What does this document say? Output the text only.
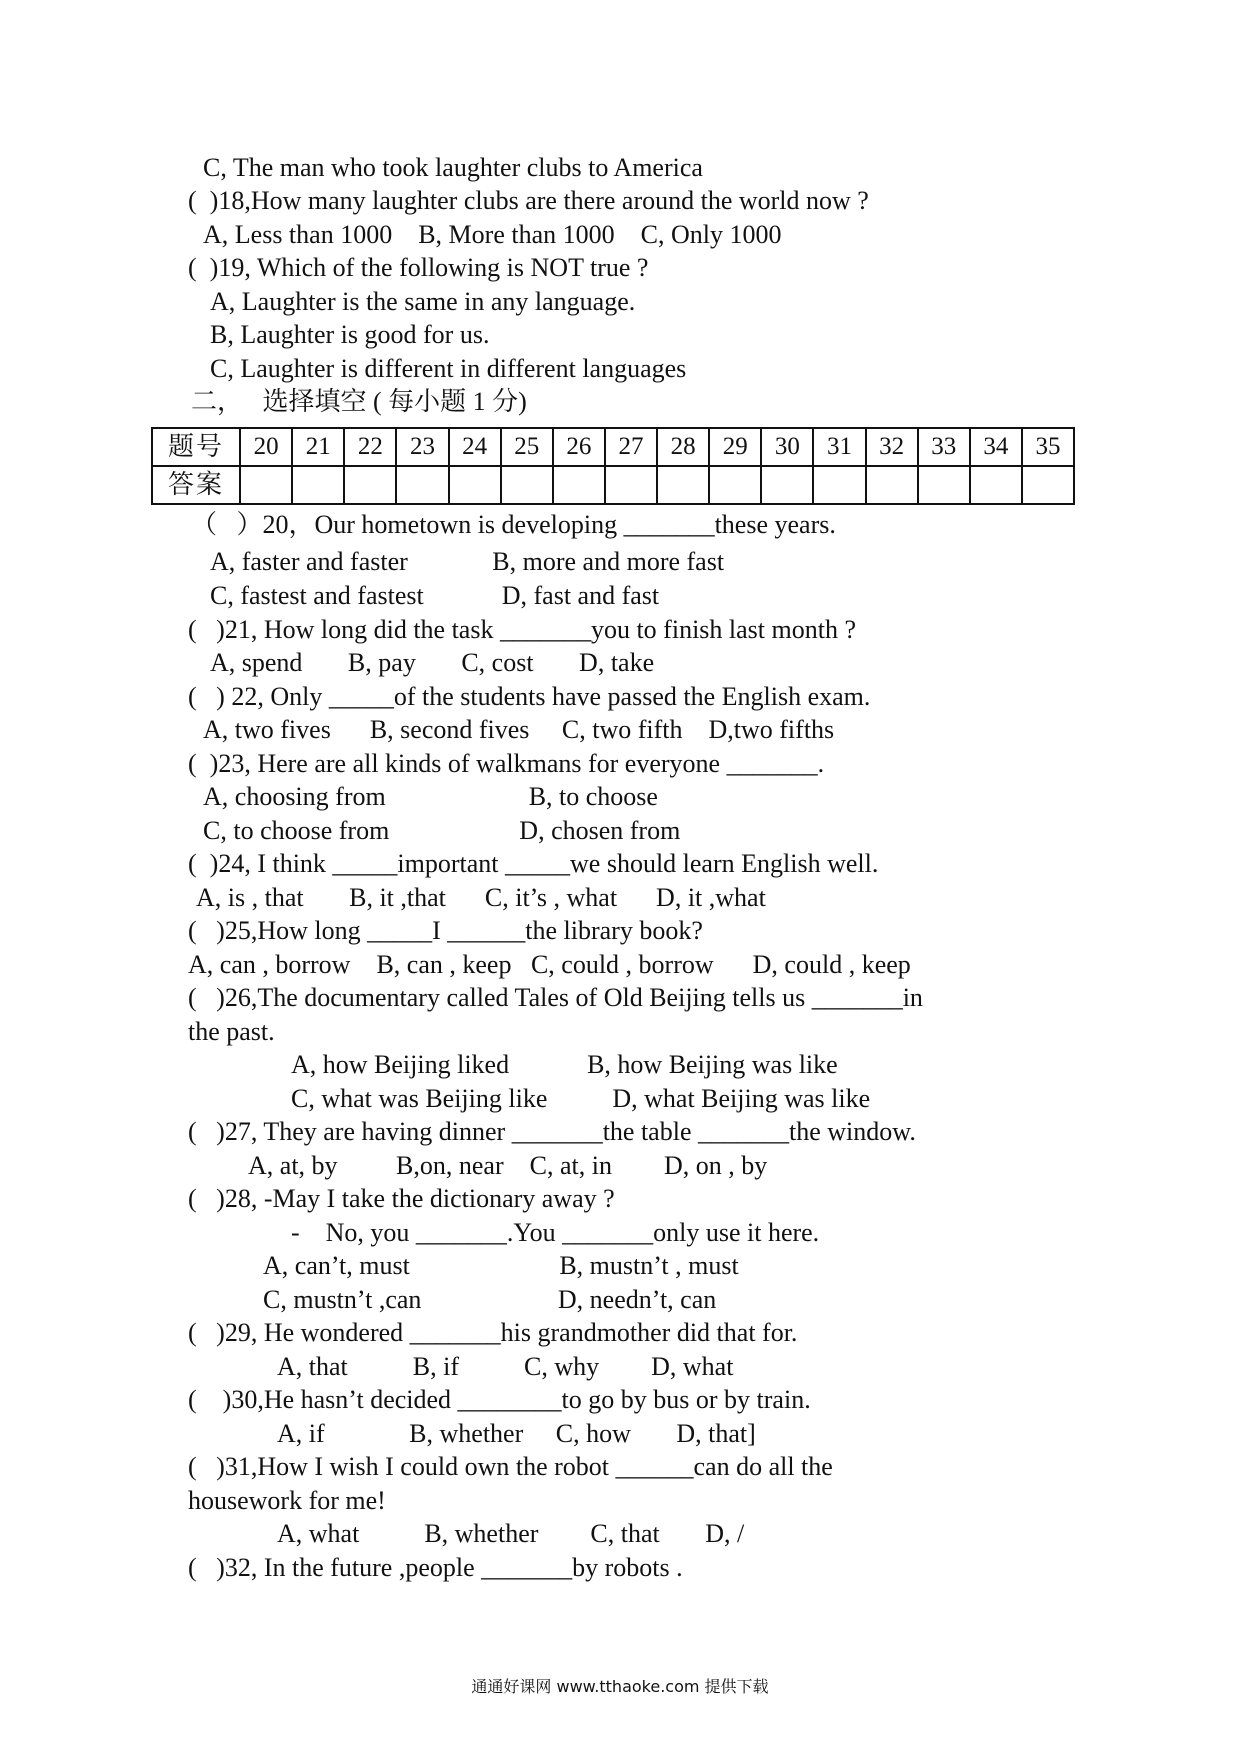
C, The man who took laughter clubs to America

(  )18,How many laughter clubs are there around the world now ?

A, Less than 1000    B, More than 1000    C, Only 1000

(  )19, Which of the following is NOT true ?

A, Laughter is the same in any language.

B, Laughter is good for us.

C, Laughter is different in different languages

二，   选择填空 ( 每小题 1 分)

题号	20	21	22	23	24	25	26	27	28	29	30	31	32	33	34	35
答案																

（   ）20，Our hometown is developing _______these years.

A, faster and faster             B, more and more fast

C, fastest and fastest            D, fast and fast

(   )21, How long did the task _______you to finish last month ?

A, spend       B, pay       C, cost       D, take

(   ) 22, Only _____of the students have passed the English exam.

A, two fives      B, second fives     C, two fifth    D,two fifths

(  )23, Here are all kinds of walkmans for everyone _______.

A, choosing from                      B, to choose

C, to choose from                    D, chosen from

(  )24, I think _____important _____we should learn English well.

A, is , that       B, it ,that      C, it’s , what      D, it ,what

(   )25,How long _____I ______the library book?

A, can , borrow    B, can , keep   C, could , borrow      D, could , keep

(   )26,The documentary called Tales of Old Beijing tells us _______in

the past.

A, how Beijing liked            B, how Beijing was like

C, what was Beijing like          D, what Beijing was like

(   )27, They are having dinner _______the table _______the window.

A, at, by         B,on, near    C, at, in        D, on , by

(   )28, -May I take the dictionary away ?

-    No, you _______.You _______only use it here.

A, can’t, must                       B, mustn’t , must

C, mustn’t ,can                     D, needn’t, can

(   )29, He wondered _______his grandmother did that for.

A, that          B, if          C, why        D, what

(    )30,He hasn’t decided ________to go by bus or by train.

A, if             B, whether     C, how       D, that]

(   )31,How I wish I could own the robot ______can do all the

housework for me!

A, what          B, whether        C, that       D, /

(   )32, In the future ,people _______by robots .

通通好课网 www.tthaoke.com 提供下载
